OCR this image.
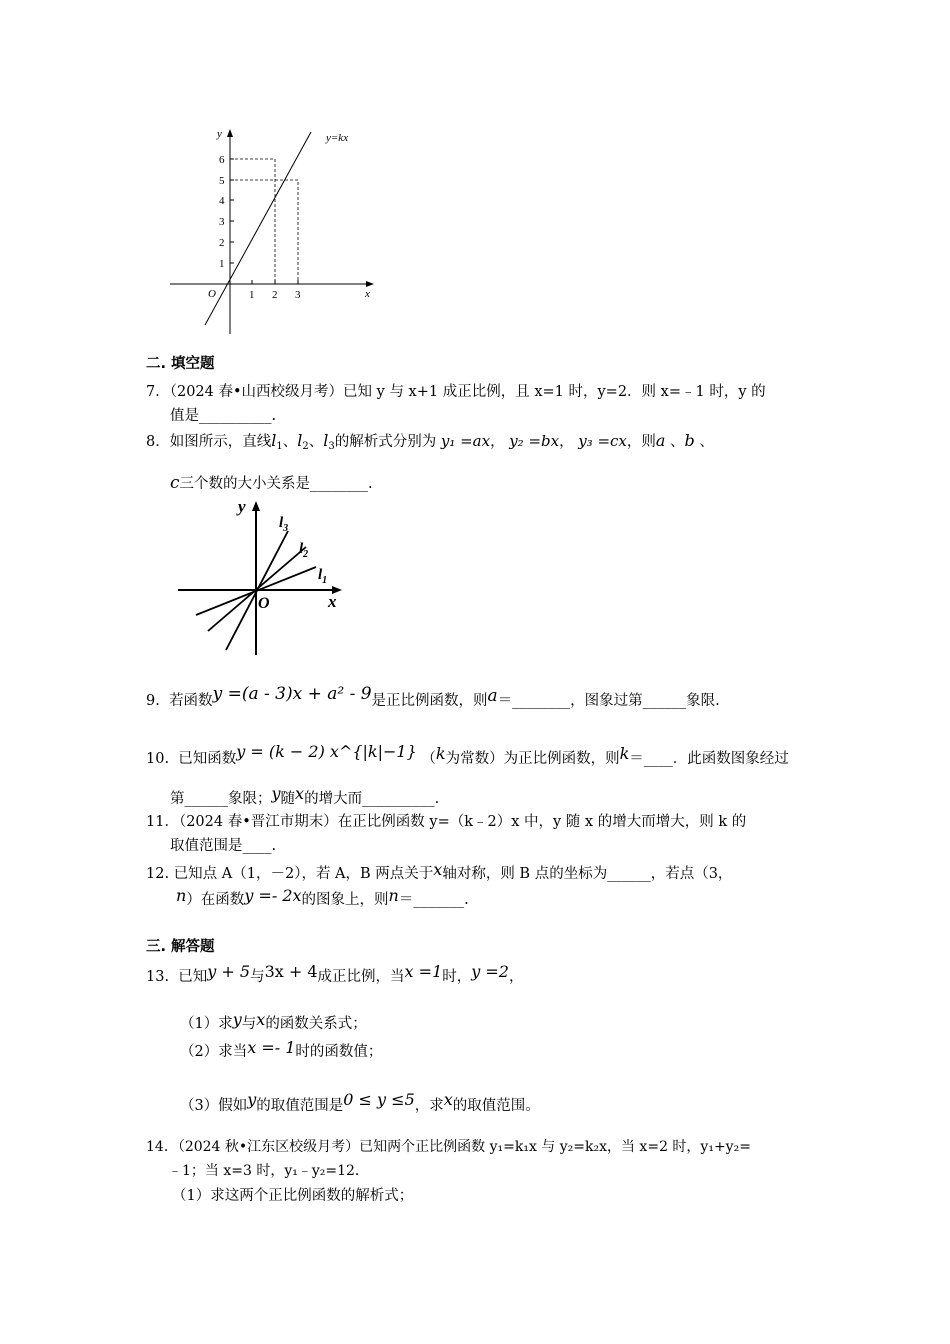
y
x
O
y=kx
1
2
3
4
5
6
1 2 3
二. 填空题
7．（2024 春•山西校级月考）已知 y 与 x+1 成正比例，且 x=1 时，y=2．则 x=﹣1 时，y 的
值是__________.
8．如图所示，直线$l_1$、$l_2$、$l_3$的解析式分别为 y₁ =ax， y₂ =bx， y₃ =cx，则a 、b 、
c三个数的大小关系是________.
y
x
O
$l_1$
$l_2$
$l_3$
9. 若函数y =(a - 3)x + a² - 9是正比例函数，则a＝________，图象过第______象限.
10. 已知函数y = (k − 2) x^{|k|−1} （k为常数）为正比例函数，则k＝____．此函数图象经过
第______象限；y随x的增大而__________.
11．（2024 春•晋江市期末）在正比例函数 y=（k﹣2）x 中，y 随 x 的增大而增大，则 k 的
取值范围是____.
12. 已知点 A（1，－2），若 A，B 两点关于x轴对称，则 B 点的坐标为______，若点（3，
n）在函数y =- 2x的图象上，则n＝_______.
三. 解答题
13. 已知y + 5与3x + 4成正比例，当x =1时，y =2，
（1）求y与x的函数关系式；
（2）求当x =- 1时的函数值；
（3）假如y的取值范围是0 ≤ y ≤5，求x的取值范围。
14．（2024 秋•江东区校级月考）已知两个正比例函数 y₁=k₁x 与 y₂=k₂x，当 x=2 时，y₁+y₂=
﹣1；当 x=3 时，y₁﹣y₂=12．
（1）求这两个正比例函数的解析式；
